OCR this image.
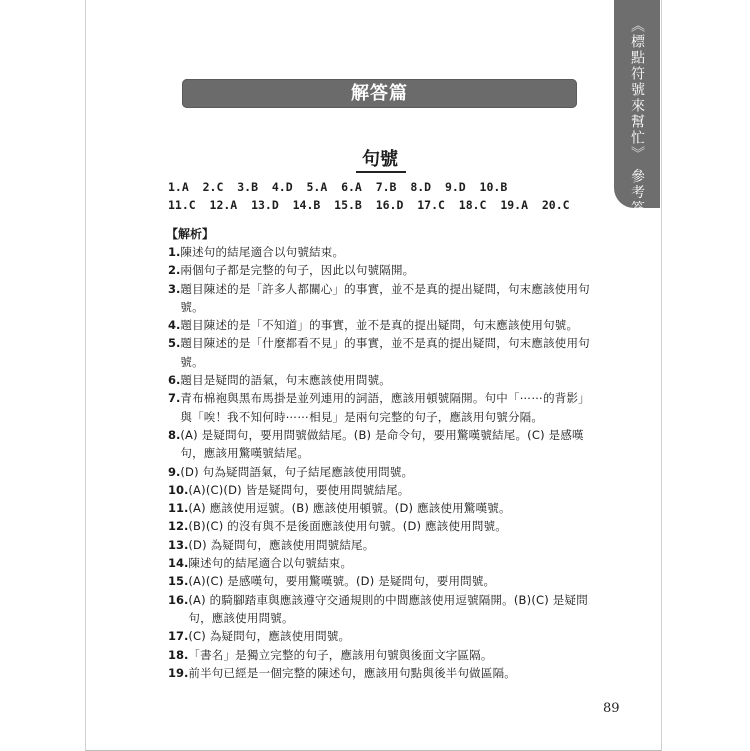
《標點符號來幫忙》 參考答案
解答篇
句號
1.A  2.C  3.B  4.D  5.A  6.A  7.B  8.D  9.D  10.B
11.C  12.A  13.D  14.B  15.B  16.D  17.C  18.C  19.A  20.C
【解析】
1. 陳述句的結尾適合以句號結束。
2. 兩個句子都是完整的句子，因此以句號隔開。
3. 題目陳述的是「許多人都關心」的事實，並不是真的提出疑問，句末應該使用句號。
4. 題目陳述的是「不知道」的事實，並不是真的提出疑問，句末應該使用句號。
5. 題目陳述的是「什麼都看不見」的事實，並不是真的提出疑問，句末應該使用句號。
6. 題目是疑問的語氣，句末應該使用問號。
7. 青布棉袍與黑布馬掛是並列連用的詞語，應該用頓號隔開。句中「⋯⋯的背影」與「唉！我不知何時⋯⋯相見」是兩句完整的句子，應該用句號分隔。
8. (A) 是疑問句，要用問號做結尾。(B) 是命令句，要用驚嘆號結尾。(C) 是感嘆句，應該用驚嘆號結尾。
9. (D) 句為疑問語氣，句子結尾應該使用問號。
10. (A)(C)(D) 皆是疑問句，要使用問號結尾。
11. (A) 應該使用逗號。(B) 應該使用頓號。(D) 應該使用驚嘆號。
12. (B)(C) 的沒有與不是後面應該使用句號。(D) 應該使用問號。
13. (D) 為疑問句，應該使用問號結尾。
14. 陳述句的結尾適合以句號結束。
15. (A)(C) 是感嘆句，要用驚嘆號。(D) 是疑問句，要用問號。
16. (A) 的騎腳踏車與應該遵守交通規則的中間應該使用逗號隔開。(B)(C) 是疑問句，應該使用問號。
17. (C) 為疑問句，應該使用問號。
18. 「書名」是獨立完整的句子，應該用句號與後面文字區隔。
19. 前半句已經是一個完整的陳述句，應該用句點與後半句做區隔。
89
